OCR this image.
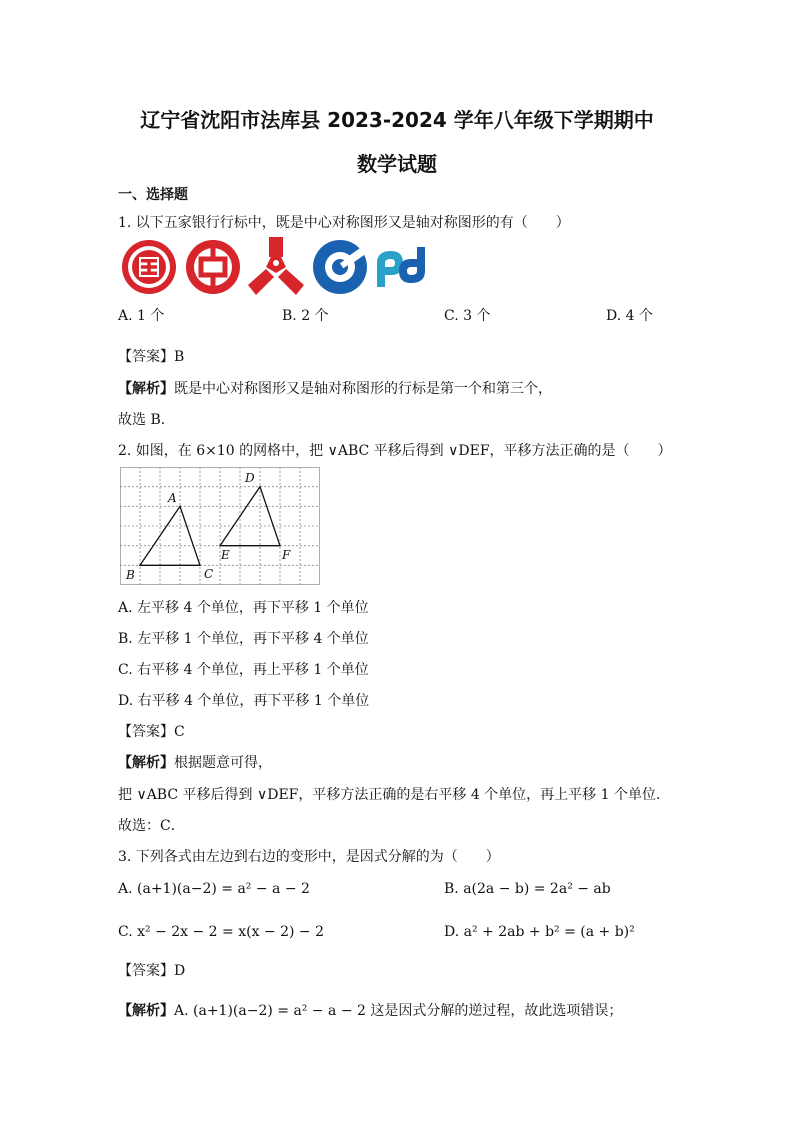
辽宁省沈阳市法库县 2023-2024 学年八年级下学期期中
数学试题
一、选择题
1. 以下五家银行行标中，既是中心对称图形又是轴对称图形的有（　　）
A. 1 个	B. 2 个	C. 3 个	D. 4 个
【答案】B
【解析】既是中心对称图形又是轴对称图形的行标是第一个和第三个，
故选 B．
2. 如图，在 6×10 的网格中，把 ∨ABC 平移后得到 ∨DEF，平移方法正确的是（　　）
A
B	C
D
E	F
A. 左平移 4 个单位，再下平移 1 个单位
B. 左平移 1 个单位，再下平移 4 个单位
C. 右平移 4 个单位，再上平移 1 个单位
D. 右平移 4 个单位，再下平移 1 个单位
【答案】C
【解析】根据题意可得，
把 ∨ABC 平移后得到 ∨DEF，平移方法正确的是右平移 4 个单位，再上平移 1 个单位．
故选：C．
3. 下列各式由左边到右边的变形中，是因式分解的为（　　）
A. (a+1)(a−2) = a² − a − 2	B. a(2a − b) = 2a² − ab
C. x² − 2x − 2 = x(x − 2) − 2	D. a² + 2ab + b² = (a + b)²
【答案】D
【解析】A. (a+1)(a−2) = a² − a − 2 这是因式分解的逆过程，故此选项错误；
